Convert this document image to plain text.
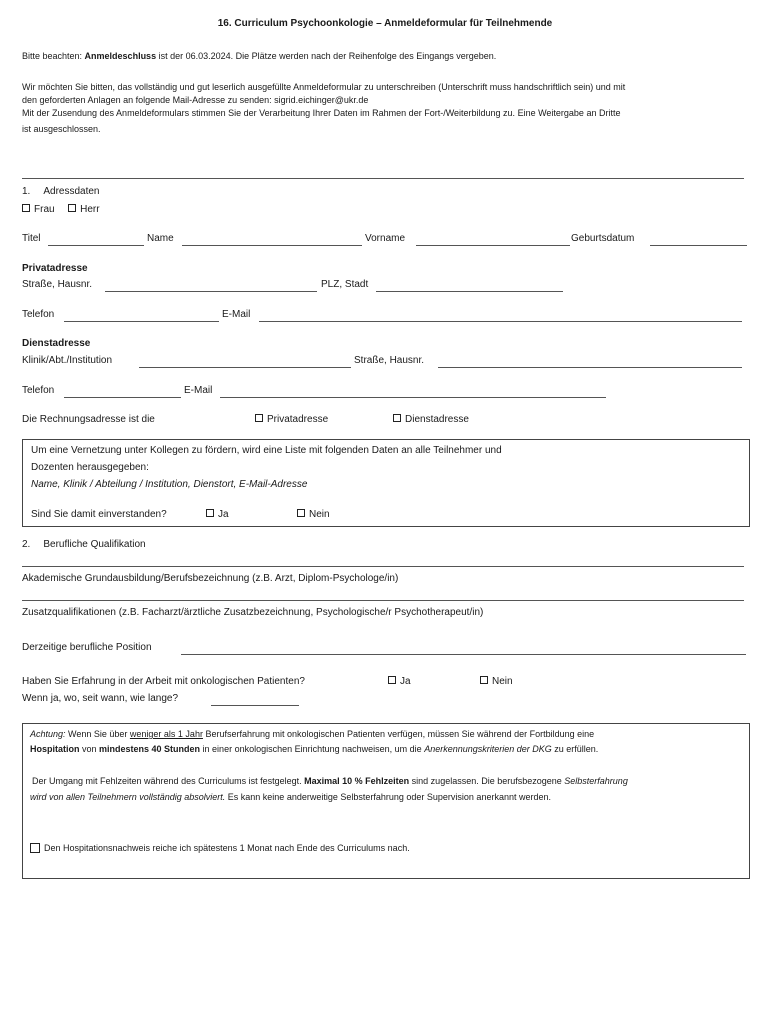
16. Curriculum Psychoonkologie – Anmeldeformular für Teilnehmende
Bitte beachten: Anmeldeschluss ist der 06.03.2024. Die Plätze werden nach der Reihenfolge des Eingangs vergeben.
Wir möchten Sie bitten, das vollständig und gut leserlich ausgefüllte Anmeldeformular zu unterschreiben (Unterschrift muss handschriftlich sein) und mit
den geforderten Anlagen an folgende Mail-Adresse zu senden: sigrid.eichinger@ukr.de
Mit der Zusendung des Anmeldeformulars stimmen Sie der Verarbeitung Ihrer Daten im Rahmen der Fort-/Weiterbildung zu. Eine Weitergabe an Dritte
ist ausgeschlossen.
1. Adressdaten
Frau	Herr
Titel	Name	Vorname	Geburtsdatum
Privatadresse
Straße, Hausnr.	PLZ, Stadt
Telefon	E-Mail
Dienstadresse
Klinik/Abt./Institution	Straße, Hausnr.
Telefon	E-Mail
Die Rechnungsadresse ist die	Privatadresse	Dienstadresse
Um eine Vernetzung unter Kollegen zu fördern, wird eine Liste mit folgenden Daten an alle Teilnehmer und
Dozenten herausgegeben:
Name, Klinik / Abteilung / Institution, Dienstort, E-Mail-Adresse
Sind Sie damit einverstanden?	Ja	Nein
2. Berufliche Qualifikation
Akademische Grundausbildung/Berufsbezeichnung (z.B. Arzt, Diplom-Psychologe/in)
Zusatzqualifikationen (z.B. Facharzt/ärztliche Zusatzbezeichnung, Psychologische/r Psychotherapeut/in)
Derzeitige berufliche Position
Haben Sie Erfahrung in der Arbeit mit onkologischen Patienten?	Ja	Nein
Wenn ja, wo, seit wann, wie lange?
Achtung: Wenn Sie über weniger als 1 Jahr Berufserfahrung mit onkologischen Patienten verfügen, müssen Sie während der Fortbildung eine
Hospitation von mindestens 40 Stunden in einer onkologischen Einrichtung nachweisen, um die Anerkennungskriterien der DKG zu erfüllen.
Der Umgang mit Fehlzeiten während des Curriculums ist festgelegt. Maximal 10 % Fehlzeiten sind zugelassen. Die berufsbezogene Selbsterfahrung
wird von allen Teilnehmern vollständig absolviert. Es kann keine anderweitige Selbsterfahrung oder Supervision anerkannt werden.
Den Hospitationsnachweis reiche ich spätestens 1 Monat nach Ende des Curriculums nach.
